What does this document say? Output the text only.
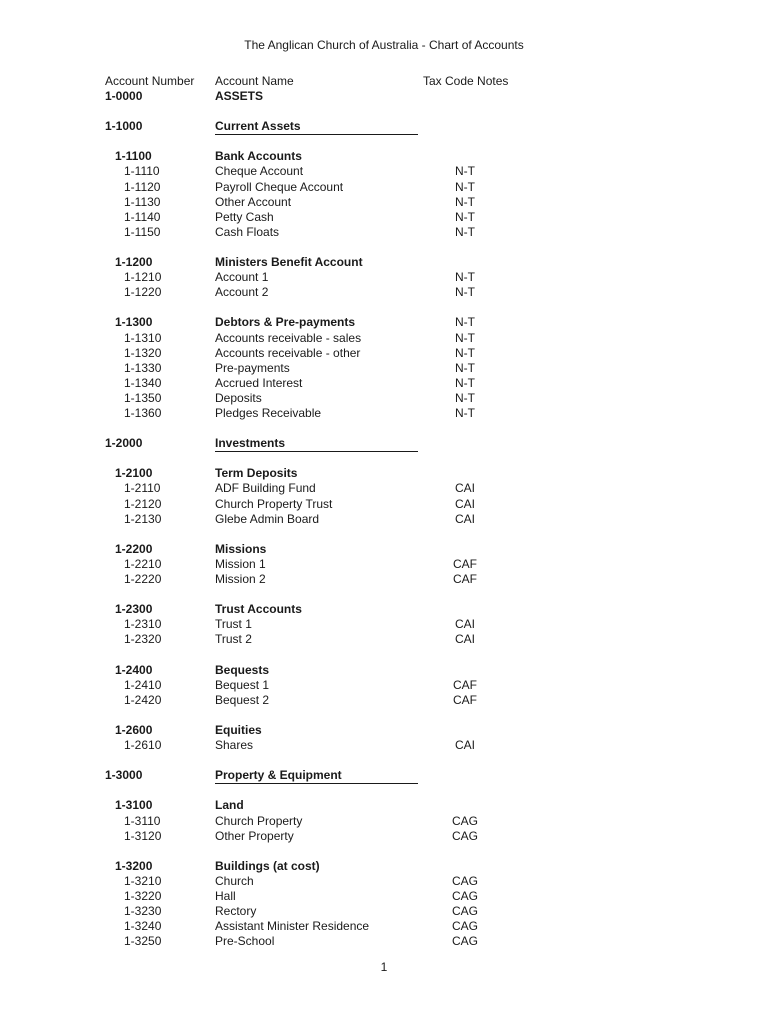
The Anglican Church of Australia - Chart of Accounts
Account Number Account Name	Tax Code Notes
1-0000	ASSETS
1-1000	Current Assets
1-1100	Bank Accounts
1-1110	Cheque Account	N-T
1-1120	Payroll Cheque Account	N-T
1-1130	Other Account	N-T
1-1140	Petty Cash	N-T
1-1150	Cash Floats	N-T
1-1200	Ministers Benefit Account
1-1210	Account 1	N-T
1-1220	Account 2	N-T
1-1300	Debtors & Pre-payments	N-T
1-1310	Accounts receivable - sales	N-T
1-1320	Accounts receivable - other	N-T
1-1330	Pre-payments	N-T
1-1340	Accrued Interest	N-T
1-1350	Deposits	N-T
1-1360	Pledges Receivable	N-T
1-2000	Investments
1-2100	Term Deposits
1-2110	ADF Building Fund	CAI
1-2120	Church Property Trust	CAI
1-2130	Glebe Admin Board	CAI
1-2200	Missions
1-2210	Mission 1	CAF
1-2220	Mission 2	CAF
1-2300	Trust Accounts
1-2310	Trust 1	CAI
1-2320	Trust 2	CAI
1-2400	Bequests
1-2410	Bequest 1	CAF
1-2420	Bequest 2	CAF
1-2600	Equities
1-2610	Shares	CAI
1-3000	Property & Equipment
1-3100	Land
1-3110	Church Property	CAG
1-3120	Other Property	CAG
1-3200	Buildings (at cost)
1-3210	Church	CAG
1-3220	Hall	CAG
1-3230	Rectory	CAG
1-3240	Assistant Minister Residence	CAG
1-3250	Pre-School	CAG
1
